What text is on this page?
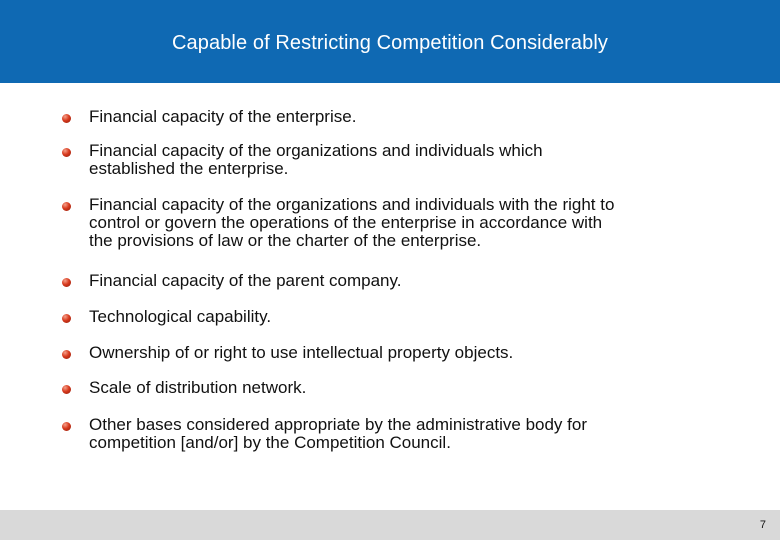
Capable of Restricting Competition Considerably
Financial capacity of the enterprise.
Financial capacity of the organizations and individuals which
established the enterprise.
Financial capacity of the organizations and individuals with the right to
control or govern the operations of the enterprise in accordance with
the provisions of law or the charter of the enterprise.
Financial capacity of the parent company.
Technological capability.
Ownership of or right to use intellectual property objects.
Scale of distribution network.
Other bases considered appropriate by the administrative body for
competition [and/or] by the Competition Council.
7
